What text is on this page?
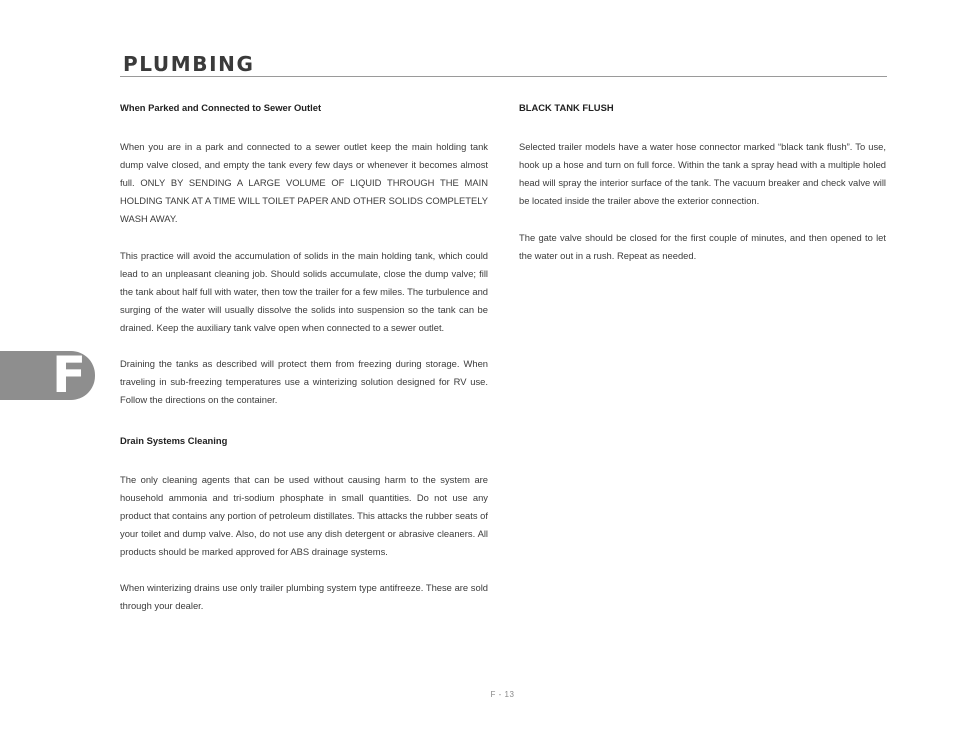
PLUMBING
When Parked and Connected to Sewer Outlet

When you are in a park and connected to a sewer outlet keep the main holding tank dump valve closed, and empty the tank every few days or whenever it becomes almost full. ONLY BY SENDING A LARGE VOLUME OF LIQUID THROUGH THE MAIN HOLDING TANK AT A TIME WILL TOILET PAPER AND OTHER SOLIDS COMPLETELY WASH AWAY.

This practice will avoid the accumulation of solids in the main holding tank, which could lead to an unpleasant cleaning job. Should solids accumulate, close the dump valve; fill the tank about half full with water, then tow the trailer for a few miles. The turbulence and surging of the water will usually dissolve the solids into suspension so the tank can be drained. Keep the auxiliary tank valve open when connected to a sewer outlet.

Draining the tanks as described will protect them from freezing during storage. When traveling in sub-freezing temperatures use a winterizing solution designed for RV use. Follow the directions on the container.

Drain Systems Cleaning

The only cleaning agents that can be used without causing harm to the system are household ammonia and tri-sodium phosphate in small quantities. Do not use any product that contains any portion of petroleum distillates. This attacks the rubber seats of your toilet and dump valve. Also, do not use any dish detergent or abrasive cleaners. All products should be marked approved for ABS drainage systems.

When winterizing drains use only trailer plumbing system type antifreeze. These are sold through your dealer.

BLACK TANK FLUSH

Selected trailer models have a water hose connector marked “black tank flush”. To use, hook up a hose and turn on full force. Within the tank a spray head with a multiple holed head will spray the interior surface of the tank. The vacuum breaker and check valve will be located inside the trailer above the exterior connection.

The gate valve should be closed for the first couple of minutes, and then opened to let the water out in a rush. Repeat as needed.

F
F - 13
